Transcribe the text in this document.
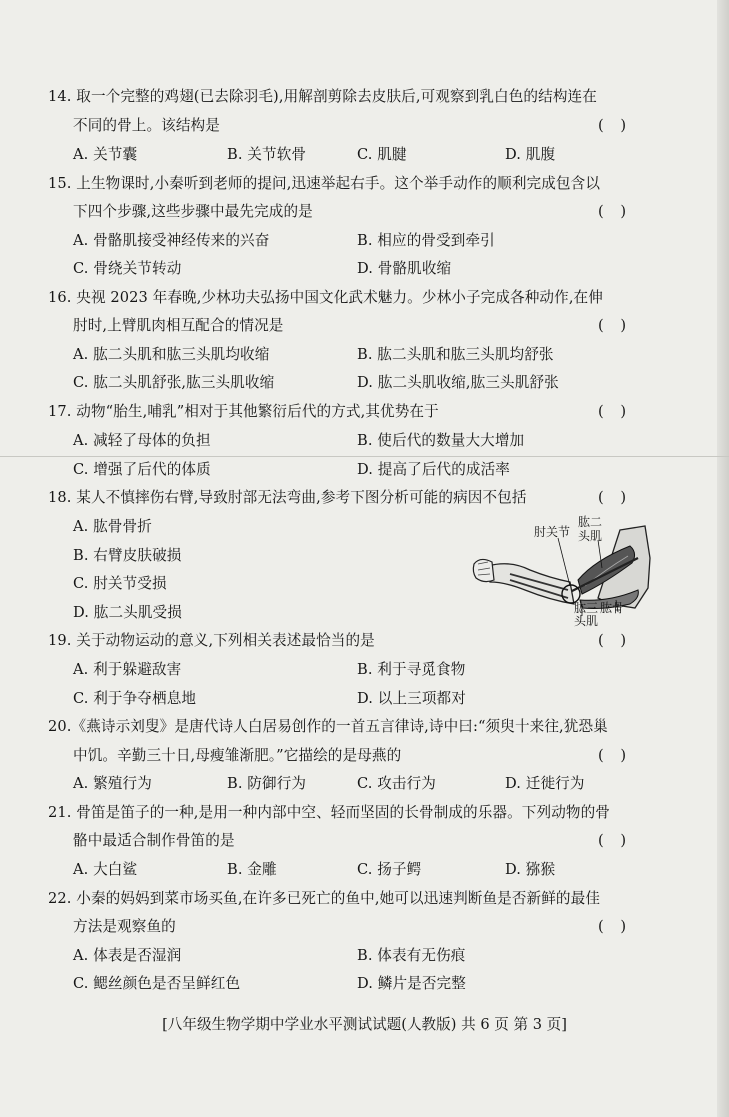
14. 取一个完整的鸡翅(已去除羽毛),用解剖剪除去皮肤后,可观察到乳白色的结构连在
不同的骨上。该结构是	( )
A. 关节囊	B. 关节软骨	C. 肌腱	D. 肌腹
15. 上生物课时,小秦听到老师的提问,迅速举起右手。这个举手动作的顺利完成包含以
下四个步骤,这些步骤中最先完成的是	( )
A. 骨骼肌接受神经传来的兴奋	B. 相应的骨受到牵引
C. 骨绕关节转动	D. 骨骼肌收缩
16. 央视 2023 年春晚,少林功夫弘扬中国文化武术魅力。少林小子完成各种动作,在伸
肘时,上臂肌肉相互配合的情况是	( )
A. 肱二头肌和肱三头肌均收缩	B. 肱二头肌和肱三头肌均舒张
C. 肱二头肌舒张,肱三头肌收缩	D. 肱二头肌收缩,肱三头肌舒张
17. 动物“胎生,哺乳”相对于其他繁衍后代的方式,其优势在于	( )
A. 减轻了母体的负担	B. 使后代的数量大大增加
C. 增强了后代的体质	D. 提高了后代的成活率
18. 某人不慎摔伤右臂,导致肘部无法弯曲,参考下图分析可能的病因不包括	( )
A. 肱骨骨折
B. 右臂皮肤破损
C. 肘关节受损
D. 肱二头肌受损
肘关节
肱二
头肌
肱三
头肌
肱骨
19. 关于动物运动的意义,下列相关表述最恰当的是	( )
A. 利于躲避敌害	B. 利于寻觅食物
C. 利于争夺栖息地	D. 以上三项都对
20.《燕诗示刘叟》是唐代诗人白居易创作的一首五言律诗,诗中曰:“须臾十来往,犹恐巢
中饥。辛勤三十日,母瘦雏渐肥。”它描绘的是母燕的	( )
A. 繁殖行为	B. 防御行为	C. 攻击行为	D. 迁徙行为
21. 骨笛是笛子的一种,是用一种内部中空、轻而坚固的长骨制成的乐器。下列动物的骨
骼中最适合制作骨笛的是	( )
A. 大白鲨	B. 金雕	C. 扬子鳄	D. 猕猴
22. 小秦的妈妈到菜市场买鱼,在许多已死亡的鱼中,她可以迅速判断鱼是否新鲜的最佳
方法是观察鱼的	( )
A. 体表是否湿润	B. 体表有无伤痕
C. 鳃丝颜色是否呈鲜红色	D. 鳞片是否完整
[八年级生物学期中学业水平测试试题(人教版) 共 6 页 第 3 页]
